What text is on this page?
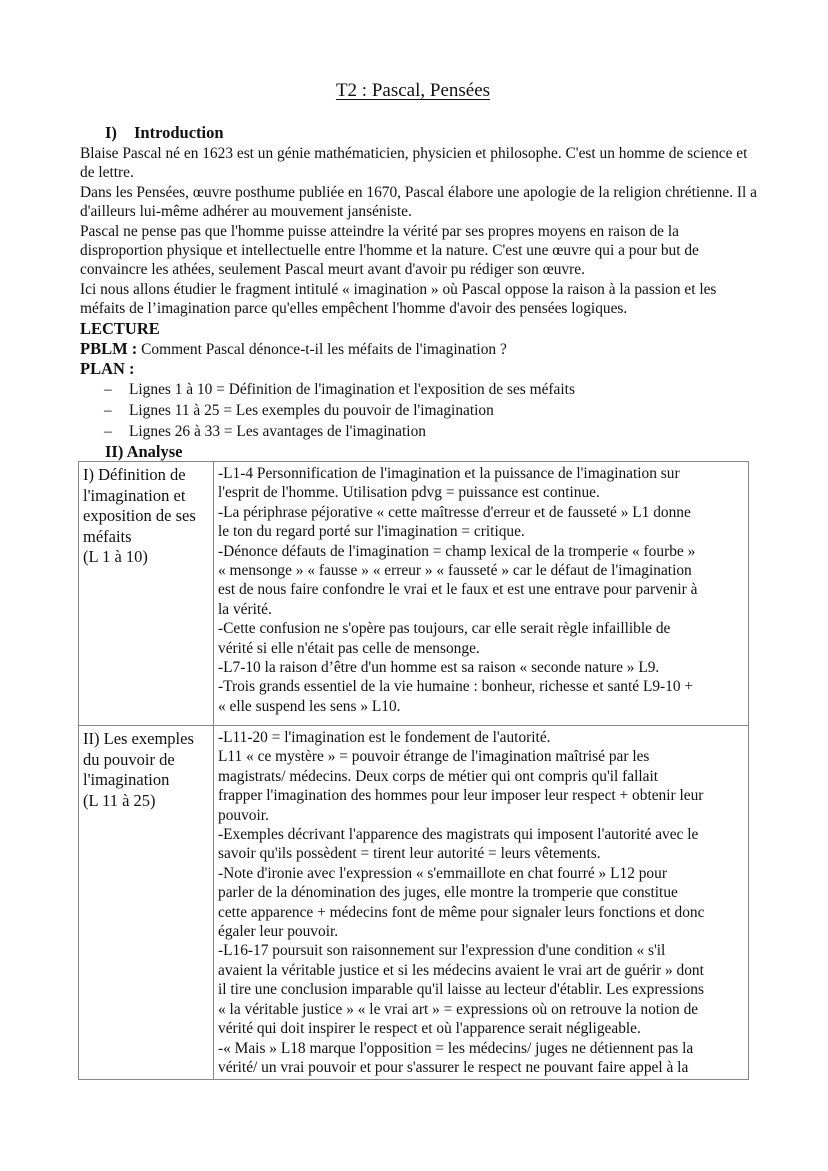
T2 : Pascal, Pensées
I) Introduction

Blaise Pascal né en 1623 est un génie mathématicien, physicien et philosophe. C'est un homme de science et de lettre.

Dans les Pensées, œuvre posthume publiée en 1670, Pascal élabore une apologie de la religion chrétienne. Il a d'ailleurs lui-même adhérer au mouvement janséniste.

Pascal ne pense pas que l'homme puisse atteindre la vérité par ses propres moyens en raison de la disproportion physique et intellectuelle entre l'homme et la nature. C'est une œuvre qui a pour but de convaincre les athées, seulement Pascal meurt avant d'avoir pu rédiger son œuvre.

Ici nous allons étudier le fragment intitulé « imagination » où Pascal oppose la raison à la passion et les méfaits de l’imagination parce qu'elles empêchent l'homme d'avoir des pensées logiques.

LECTURE

PBLM : Comment Pascal dénonce-t-il les méfaits de l'imagination ?

PLAN :
– Lignes 1 à 10 = Définition de l'imagination et l'exposition de ses méfaits
– Lignes 11 à 25 = Les exemples du pouvoir de l'imagination
– Lignes 26 à 33 = Les avantages de l'imagination
II) Analyse
I) Définition de
l'imagination et
exposition de ses
méfaits
(L 1 à 10)

-L1-4 Personnification de l'imagination et la puissance de l'imagination sur
l'esprit de l'homme. Utilisation pdvg = puissance est continue.
-La périphrase péjorative « cette maîtresse d'erreur et de fausseté » L1 donne
le ton du regard porté sur l'imagination = critique.
-Dénonce défauts de l'imagination = champ lexical de la tromperie « fourbe »
« mensonge » « fausse » « erreur » « fausseté » car le défaut de l'imagination
est de nous faire confondre le vrai et le faux et est une entrave pour parvenir à
la vérité.
-Cette confusion ne s'opère pas toujours, car elle serait règle infaillible de
vérité si elle n'était pas celle de mensonge.
-L7-10 la raison d’être d'un homme est sa raison « seconde nature » L9.
-Trois grands essentiel de la vie humaine : bonheur, richesse et santé L9-10 +
« elle suspend les sens » L10.

II) Les exemples
du pouvoir de
l'imagination
(L 11 à 25)

-L11-20 = l'imagination est le fondement de l'autorité.
L11 « ce mystère » = pouvoir étrange de l'imagination maîtrisé par les
magistrats/ médecins. Deux corps de métier qui ont compris qu'il fallait
frapper l'imagination des hommes pour leur imposer leur respect + obtenir leur
pouvoir.
-Exemples décrivant l'apparence des magistrats qui imposent l'autorité avec le
savoir qu'ils possèdent = tirent leur autorité = leurs vêtements.
-Note d'ironie avec l'expression « s'emmaillote en chat fourré » L12 pour
parler de la dénomination des juges, elle montre la tromperie que constitue
cette apparence + médecins font de même pour signaler leurs fonctions et donc
égaler leur pouvoir.
-L16-17 poursuit son raisonnement sur l'expression d'une condition « s'il
avaient la véritable justice et si les médecins avaient le vrai art de guérir » dont
il tire une conclusion imparable qu'il laisse au lecteur d'établir. Les expressions
« la véritable justice » « le vrai art » = expressions où on retrouve la notion de
vérité qui doit inspirer le respect et où l'apparence serait négligeable.
-« Mais » L18 marque l'opposition = les médecins/ juges ne détiennent pas la
vérité/ un vrai pouvoir et pour s'assurer le respect ne pouvant faire appel à la
